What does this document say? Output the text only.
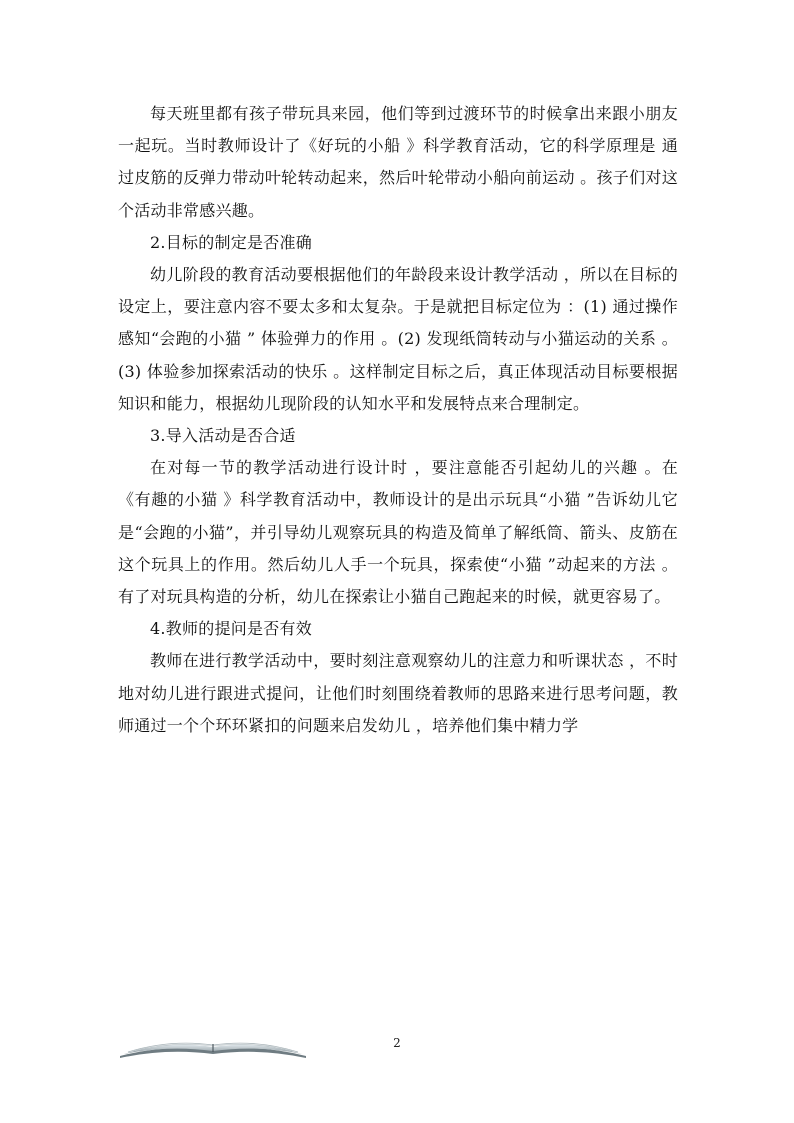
每天班里都有孩子带玩具来园，他们等到过渡环节的时候拿出来跟小朋友一起玩。当时教师设计了《好玩的小船 》科学教育活动，它的科学原理是 通过皮筋的反弹力带动叶轮转动起来，然后叶轮带动小船向前运动 。孩子们对这个活动非常感兴趣。

2.目标的制定是否准确

幼儿阶段的教育活动要根据他们的年龄段来设计教学活动 ，所以在目标的设定上，要注意内容不要太多和太复杂。于是就把目标定位为 ：(1) 通过操作感知“会跑的小猫 ” 体验弹力的作用 。(2) 发现纸筒转动与小猫运动的关系 。(3) 体验参加探索活动的快乐 。这样制定目标之后，真正体现活动目标要根据知识和能力，根据幼儿现阶段的认知水平和发展特点来合理制定。

3.导入活动是否合适

在对每一节的教学活动进行设计时 ，要注意能否引起幼儿的兴趣 。在《有趣的小猫 》科学教育活动中，教师设计的是出示玩具“小猫 ”告诉幼儿它是“会跑的小猫”，并引导幼儿观察玩具的构造及简单了解纸筒、箭头、皮筋在这个玩具上的作用。然后幼儿人手一个玩具，探索使“小猫 ”动起来的方法 。有了对玩具构造的分析，幼儿在探索让小猫自己跑起来的时候，就更容易了。

4.教师的提问是否有效

教师在进行教学活动中，要时刻注意观察幼儿的注意力和听课状态 ，不时地对幼儿进行跟进式提问，让他们时刻围绕着教师的思路来进行思考问题，教师通过一个个环环紧扣的问题来启发幼儿 ，培养他们集中精力学

2
